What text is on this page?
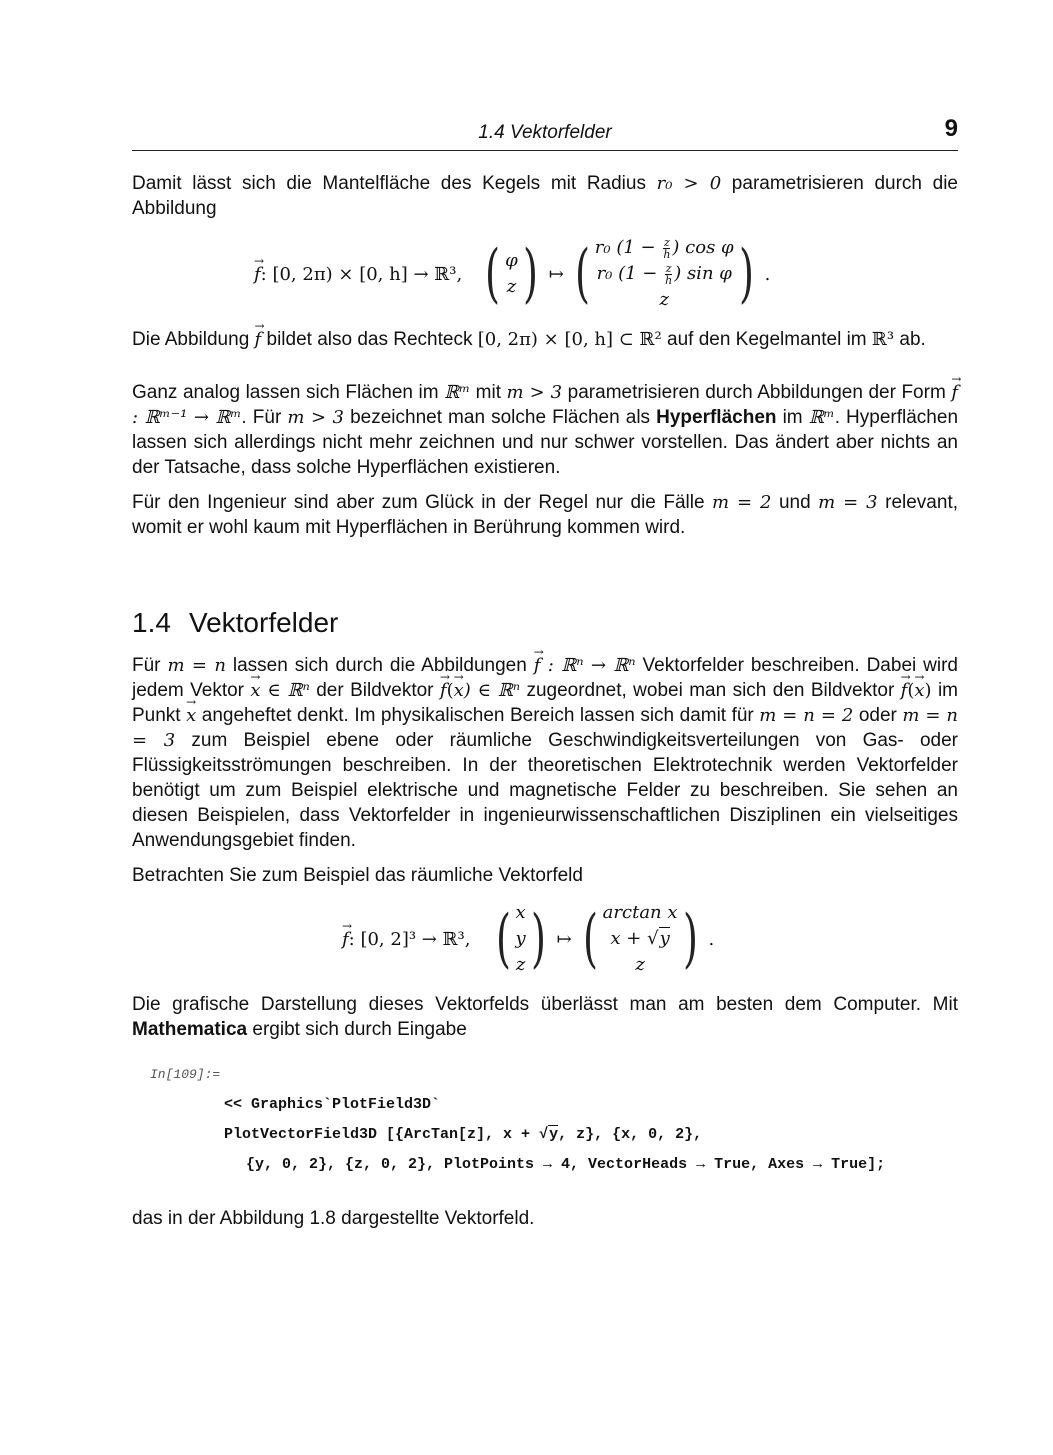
1.4 Vektorfelder	9

Damit lässt sich die Mantelfläche des Kegels mit Radius r₀ > 0 parametrisieren durch die Abbildung

→ f : [0, 2π) × [0, h] → ℝ³, ( φ
z ) ↦ ( r₀ ($1 - \frac{z}{h}$ ) cos φ
r₀ ($1 - \frac{z}{h}$ ) sin φ
z ) .

Die Abbildung → f bildet also das Rechteck [0, 2π) × [0, h] ⊂ ℝ² auf den Kegelmantel im ℝ³ ab.

Ganz analog lassen sich Flächen im ℝᵐ mit m > 3 parametrisieren durch Abbildungen der Form → f : ℝᵐ⁻¹ → ℝᵐ. Für m > 3 bezeichnet man solche Flächen als Hyperflächen im ℝᵐ. Hyperflächen lassen sich allerdings nicht mehr zeichnen und nur schwer vorstellen. Das ändert aber nichts an der Tatsache, dass solche Hyperflächen existieren.

Für den Ingenieur sind aber zum Glück in der Regel nur die Fälle m = 2 und m = 3 relevant, womit er wohl kaum mit Hyperflächen in Berührung kommen wird.

1.4 Vektorfelder

Für m = n lassen sich durch die Abbildungen → f : ℝⁿ → ℝⁿ Vektorfelder beschreiben. Dabei wird jedem Vektor → x ∈ ℝⁿ der Bildvektor → f(→ x) ∈ ℝⁿ zugeordnet, wobei man sich den Bildvektor → f(→ x) im Punkt → x angeheftet denkt. Im physikalischen Bereich lassen sich damit für m = n = 2 oder m = n = 3 zum Beispiel ebene oder räumliche Geschwindigkeitsverteilungen von Gas- oder Flüssigkeitsströmungen beschreiben. In der theoretischen Elektrotechnik werden Vektorfelder benötigt um zum Beispiel elektrische und magnetische Felder zu beschreiben. Sie sehen an diesen Beispielen, dass Vektorfelder in ingenieurwissenschaftlichen Disziplinen ein vielseitiges Anwendungsgebiet finden.

Betrachten Sie zum Beispiel das räumliche Vektorfeld

→ f : [0, 2]³ → ℝ³, ( x
y
z ) ↦ ( arctan x
x + √y
z ) .

Die grafische Darstellung dieses Vektorfelds überlässt man am besten dem Computer. Mit Mathematica ergibt sich durch Eingabe

In[109]:=
<< Graphics`PlotField3D`
PlotVectorField3D [{ArcTan[z], x + √y, z}, {x, 0, 2},
{y, 0, 2}, {z, 0, 2}, PlotPoints → 4, VectorHeads → True, Axes → True];

das in der Abbildung 1.8 dargestellte Vektorfeld.
